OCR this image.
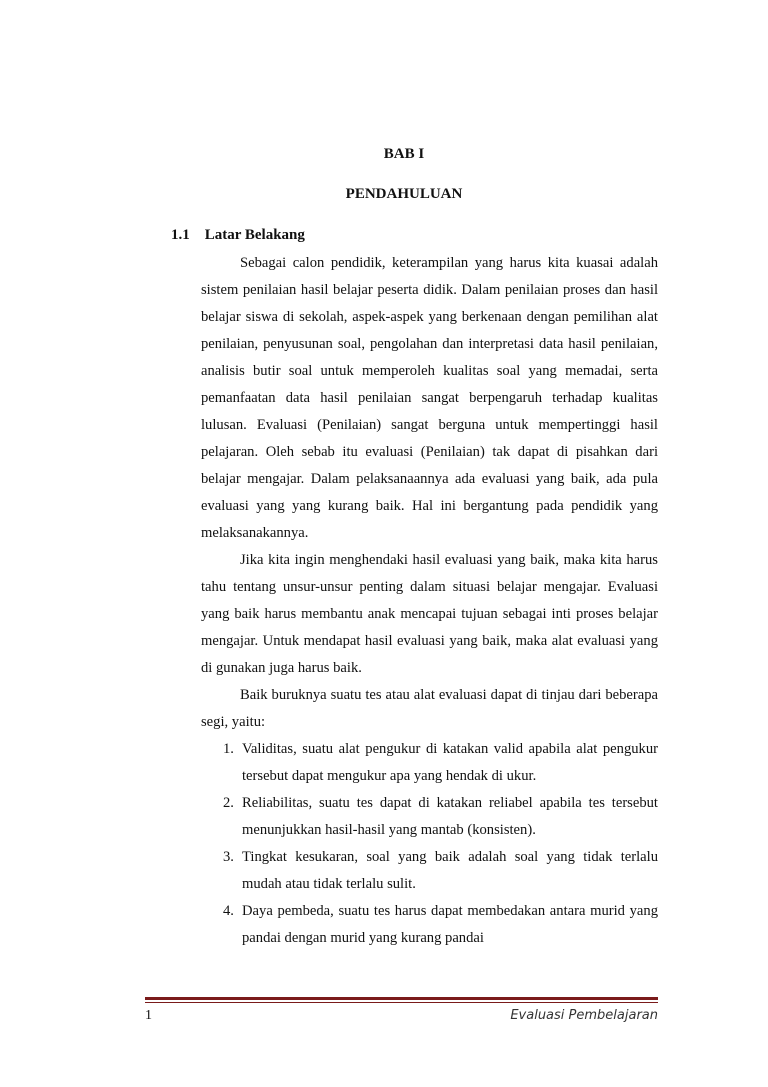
BAB I
PENDAHULUAN
1.1 Latar Belakang

Sebagai calon pendidik, keterampilan yang harus kita kuasai adalah sistem penilaian hasil belajar peserta didik. Dalam penilaian proses dan hasil belajar siswa di sekolah, aspek-aspek yang berkenaan dengan pemilihan alat penilaian, penyusunan soal, pengolahan dan interpretasi data hasil penilaian, analisis butir soal untuk memperoleh kualitas soal yang memadai, serta pemanfaatan data hasil penilaian sangat berpengaruh terhadap kualitas lulusan. Evaluasi (Penilaian) sangat berguna untuk mempertinggi hasil pelajaran. Oleh sebab itu evaluasi (Penilaian) tak dapat di pisahkan dari belajar mengajar. Dalam pelaksanaannya ada evaluasi yang baik, ada pula evaluasi yang yang kurang baik. Hal ini bergantung pada pendidik yang melaksanakannya.

Jika kita ingin menghendaki hasil evaluasi yang baik, maka kita harus tahu tentang unsur-unsur penting dalam situasi belajar mengajar. Evaluasi yang baik harus membantu anak mencapai tujuan sebagai inti proses belajar mengajar. Untuk mendapat hasil evaluasi yang baik, maka alat evaluasi yang di gunakan juga harus baik.

Baik buruknya suatu tes atau alat evaluasi dapat di tinjau dari beberapa segi, yaitu:

1. Validitas, suatu alat pengukur di katakan valid apabila alat pengukur tersebut dapat mengukur apa yang hendak di ukur.
2. Reliabilitas, suatu tes dapat di katakan reliabel apabila tes tersebut menunjukkan hasil-hasil yang mantab (konsisten).
3. Tingkat kesukaran, soal yang baik adalah soal yang tidak terlalu mudah atau tidak terlalu sulit.
4. Daya pembeda, suatu tes harus dapat membedakan antara murid yang pandai dengan murid yang kurang pandai
1	Evaluasi Pembelajaran
